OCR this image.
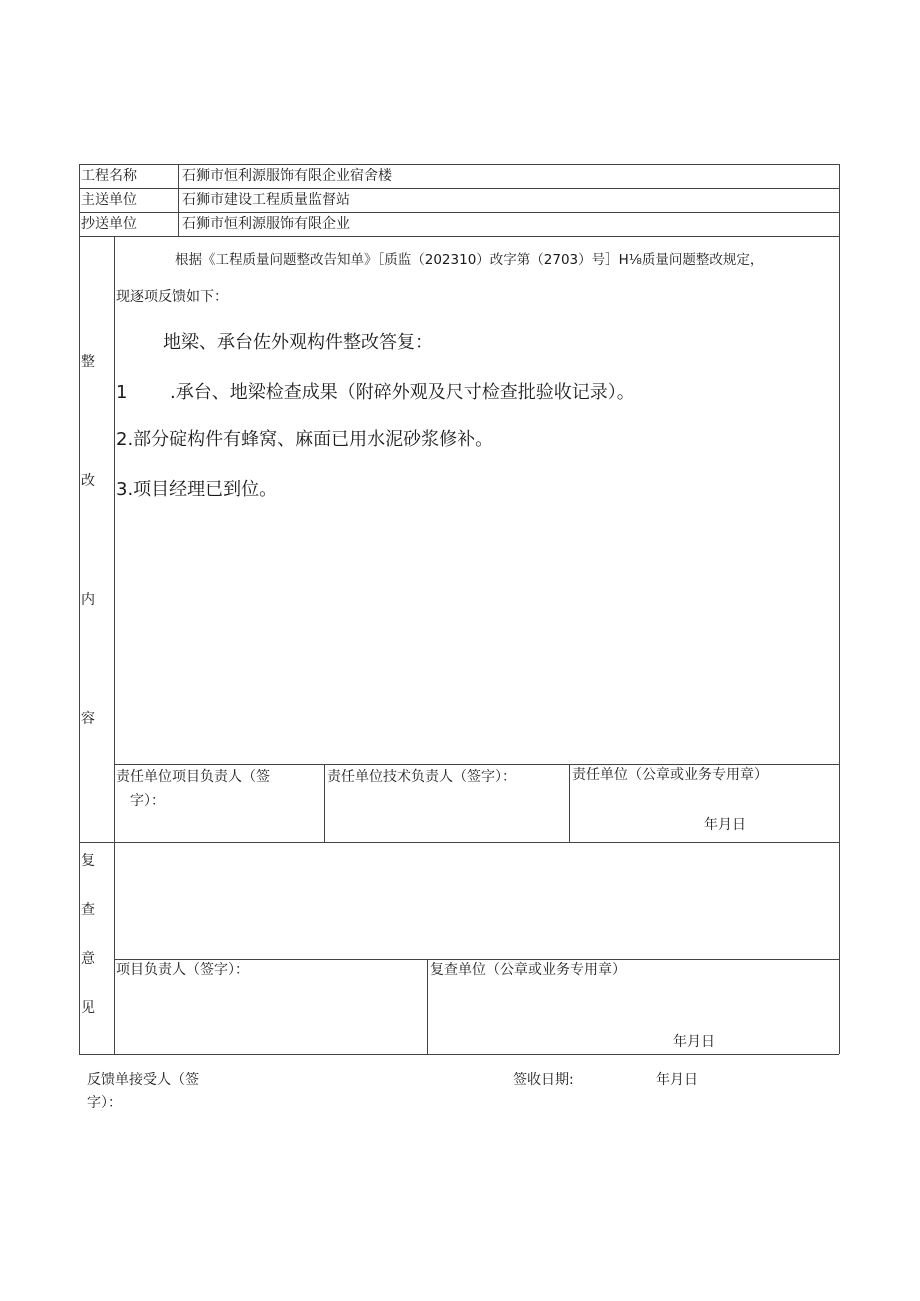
工程名称	石狮市恒利源服饰有限企业宿舍楼
主送单位	石狮市建设工程质量监督站
抄送单位	石狮市恒利源服饰有限企业
整
改
内
容
根据《工程质量问题整改告知单》［质监（202310）改字第（2703）号］H⅛质量问题整改规定，
现逐项反馈如下：
地梁、承台佐外观构件整改答复：
1 .承台、地梁检查成果（附碎外观及尺寸检查批验收记录）。
2.部分碇构件有蜂窝、麻面已用水泥砂浆修补。
3.项目经理已到位。
责任单位项目负责人（签
字）：
责任单位技术负责人（签字）：	责任单位（公章或业务专用章）
年月日
复
查
意
见
项目负责人（签字）：	复查单位（公章或业务专用章）
年月日
反馈单接受人（签
字）：
签收日期:	年月日
